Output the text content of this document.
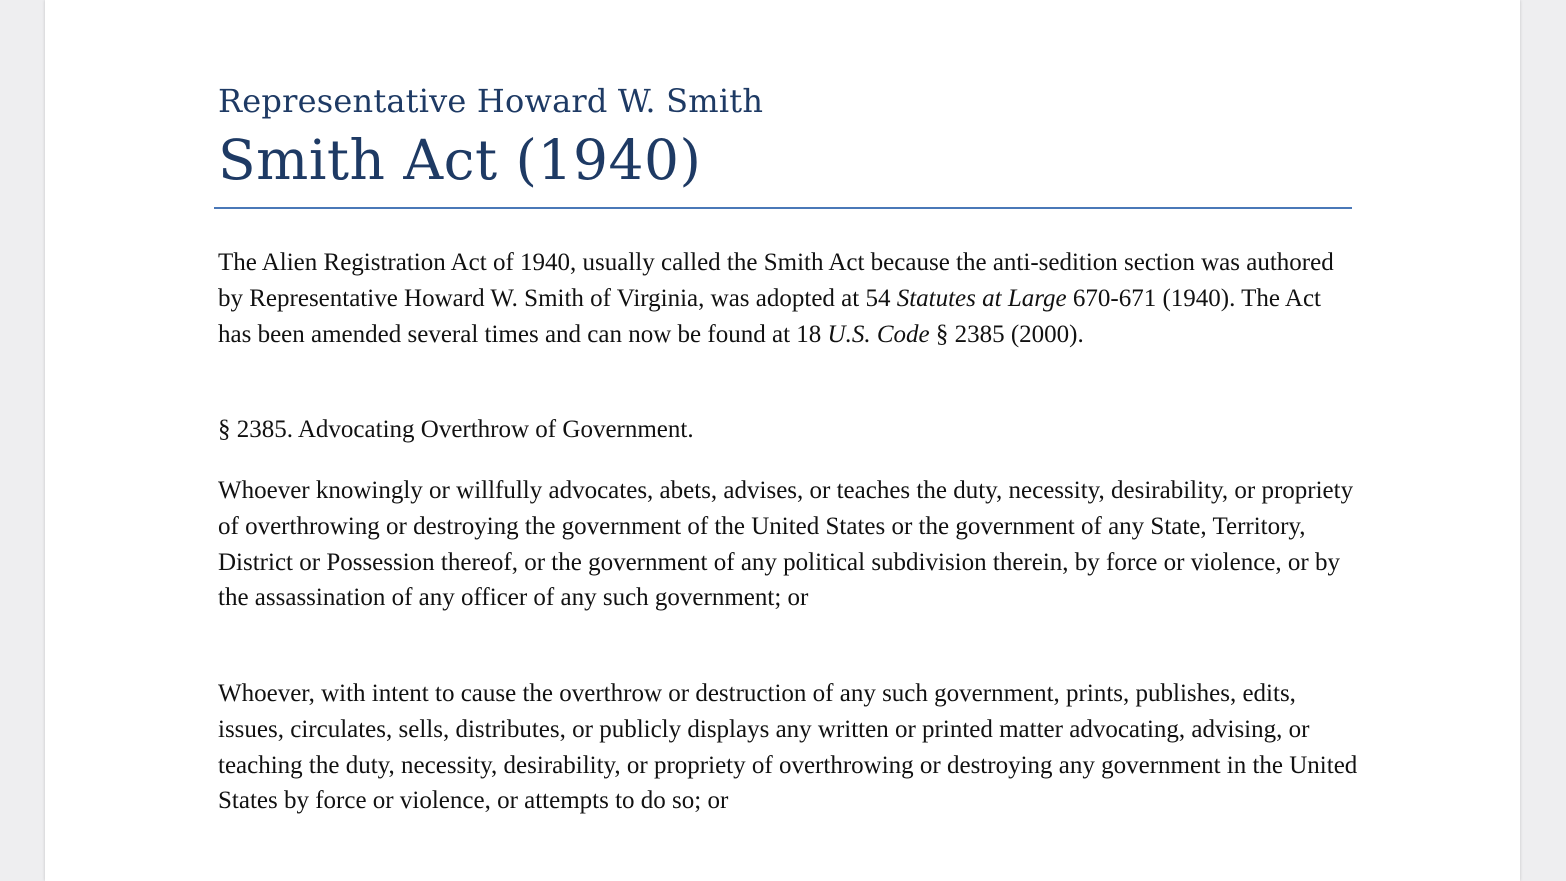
Representative Howard W. Smith
Smith Act (1940)

The Alien Registration Act of 1940, usually called the Smith Act because the anti-sedition section was authored by Representative Howard W. Smith of Virginia, was adopted at 54 Statutes at Large 670-671 (1940). The Act has been amended several times and can now be found at 18 U.S. Code § 2385 (2000).

§ 2385. Advocating Overthrow of Government.

Whoever knowingly or willfully advocates, abets, advises, or teaches the duty, necessity, desirability, or propriety of overthrowing or destroying the government of the United States or the government of any State, Territory, District or Possession thereof, or the government of any political subdivision therein, by force or violence, or by the assassination of any officer of any such government; or

Whoever, with intent to cause the overthrow or destruction of any such government, prints, publishes, edits, issues, circulates, sells, distributes, or publicly displays any written or printed matter advocating, advising, or teaching the duty, necessity, desirability, or propriety of overthrowing or destroying any government in the United States by force or violence, or attempts to do so; or
